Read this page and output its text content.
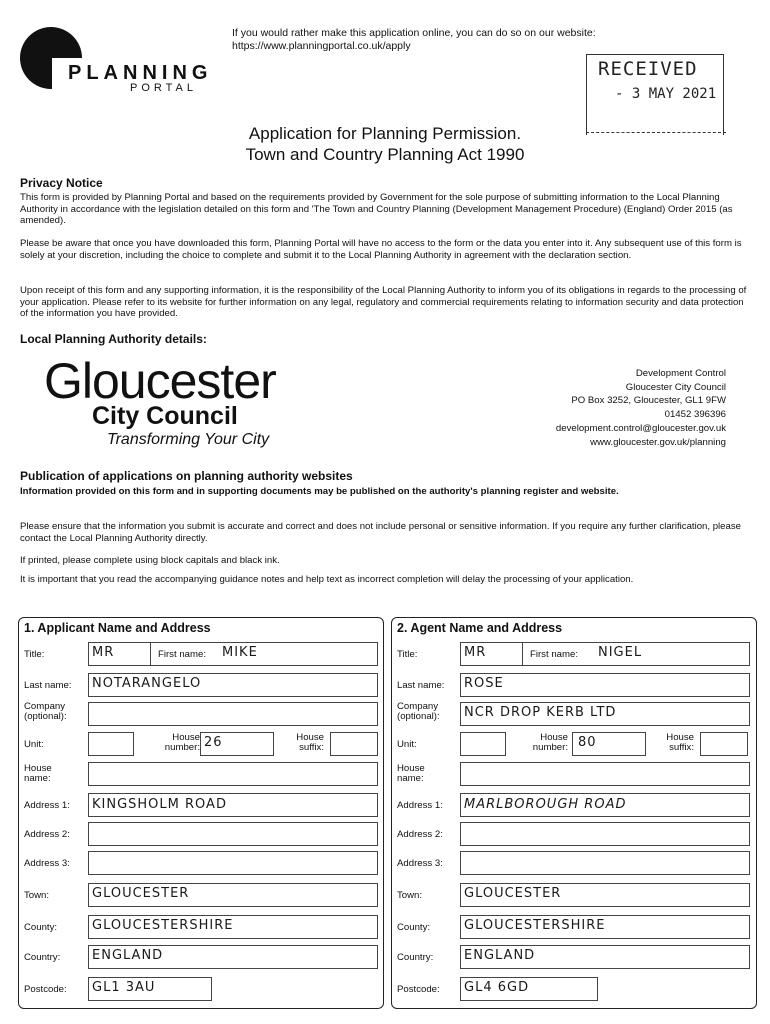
PLANNING
PORTAL
If you would rather make this application online, you can do so on our website:
https://www.planningportal.co.uk/apply
RECEIVED
- 3 MAY 2021
Application for Planning Permission.
Town and Country Planning Act 1990
Privacy Notice
This form is provided by Planning Portal and based on the requirements provided by Government for the sole purpose of submitting information to the Local Planning Authority in accordance with the legislation detailed on this form and 'The Town and Country Planning (Development Management Procedure) (England) Order 2015 (as amended).
Please be aware that once you have downloaded this form, Planning Portal will have no access to the form or the data you enter into it. Any subsequent use of this form is solely at your discretion, including the choice to complete and submit it to the Local Planning Authority in agreement with the declaration section.
Upon receipt of this form and any supporting information, it is the responsibility of the Local Planning Authority to inform you of its obligations in regards to the processing of your application. Please refer to its website for further information on any legal, regulatory and commercial requirements relating to information security and data protection of the information you have provided.
Local Planning Authority details:
Gloucester
City Council
Transforming Your City
Development Control
Gloucester City Council
PO Box 3252, Gloucester, GL1 9FW
01452 396396
development.control@gloucester.gov.uk
www.gloucester.gov.uk/planning
Publication of applications on planning authority websites
Information provided on this form and in supporting documents may be published on the authority's planning register and website.
Please ensure that the information you submit is accurate and correct and does not include personal or sensitive information. If you require any further clarification, please contact the Local Planning Authority directly.
If printed, please complete using block capitals and black ink.
It is important that you read the accompanying guidance notes and help text as incorrect completion will delay the processing of your application.
1. Applicant Name and Address
Title:	MR	First name: MIKE
Last name: NOTARANGELO
Company (optional):
Unit:
House number: 26	House suffix:
House name:
Address 1: KINGSHOLM ROAD
Address 2:
Address 3:
Town:	GLOUCESTER
County:	GLOUCESTERSHIRE
Country: ENGLAND
Postcode: GL1 3AU
2. Agent Name and Address
Title:	MR	First name: NIGEL
Last name: ROSE
Company (optional):	NCR DROP KERB LTD
Unit:
House number: 80	House suffix:
House name:
Address 1: MARLBOROUGH ROAD
Address 2:
Address 3:
Town:	GLOUCESTER
County:	GLOUCESTERSHIRE
Country: ENGLAND
Postcode: GL4 6GD
